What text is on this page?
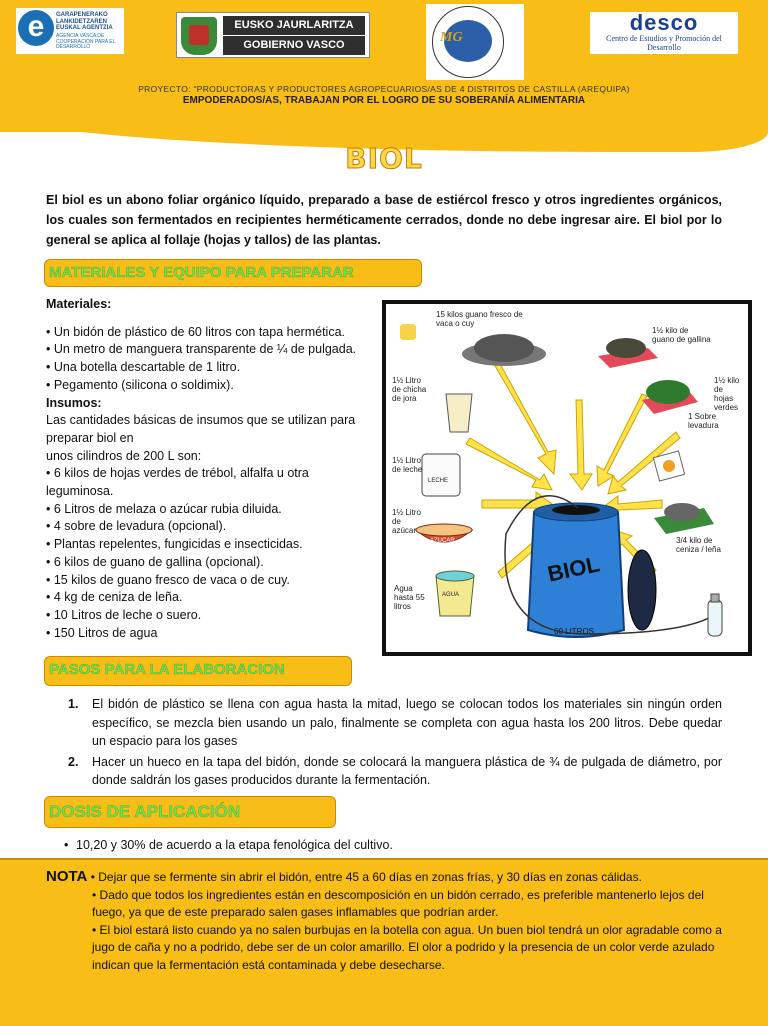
e	GARAPENERAKO LANKIDETZAREN EUSKAL AGENTZIA
AGENCIA VASCA DE COOPERACIÓN PARA EL DESARROLLO
EUSKO JAURLARITZA
GOBIERNO VASCO	MG
desco
Centro de Estudios y Promoción del Desarrollo
PROYECTO: "PRODUCTORAS Y PRODUCTORES AGROPECUARIOS/AS DE 4 DISTRITOS DE CASTILLA (AREQUIPA)
EMPODERADOS/AS, TRABAJAN POR EL LOGRO DE SU SOBERANÍA ALIMENTARIA
BIOL
El biol es un abono foliar orgánico líquido, preparado a base de estiércol fresco y otros ingredientes orgánicos, los cuales son fermentados en recipientes herméticamente cerrados, donde no debe ingresar aire. El biol por lo general se aplica al follaje (hojas y tallos) de las plantas.
MATERIALES Y EQUIPO PARA PREPARAR
Materiales:
• Un bidón de plástico de 60 litros con tapa hermética.
• Un metro de manguera transparente de ¼ de pulgada.
• Una botella descartable de 1 litro.
• Pegamento (silicona o soldimix).
Insumos:
Las cantidades básicas de insumos que se utilizan para preparar biol en
unos cilindros de 200 L son:
• 6 kilos de hojas verdes de trébol, alfalfa u otra leguminosa.
• 6 Litros de melaza o azúcar rubia diluida.
• 4 sobre de levadura (opcional).
• Plantas repelentes, fungicidas e insecticidas.
• 6 kilos de guano de gallina (opcional).
• 15 kilos de guano fresco de vaca o de cuy.
• 4 kg de ceniza de leña.
• 10 Litros de leche o suero.
• 150 Litros de agua
LECHE
AZUCAR
AGUA
BIOL
60 LITROS
15 kilos guano fresco de vaca o cuy
1½ kilo de guano de gallina
1½ kilo de hojas verdes
1½ Litro de chicha de jora
1 Sobre levadura
1½ Litro de leche
1½ Litro de azúcar
3/4 kilo de ceniza / leña
Agua hasta 55 litros
PASOS PARA LA ELABORACION
1. El bidón de plástico se llena con agua hasta la mitad, luego se colocan todos los materiales sin ningún orden específico, se mezcla bien usando un palo, finalmente se completa con agua hasta los 200 litros. Debe quedar un espacio para los gases
2. Hacer un hueco en la tapa del bidón, donde se colocará la manguera plástica de ¾ de pulgada de diámetro, por donde saldrán los gases producidos durante la fermentación.
DOSIS DE APLICACIÓN
• 10,20 y 30% de acuerdo a la etapa fenológica del cultivo.
NOTA • Dejar que se fermente sin abrir el bidón, entre 45 a 60 días en zonas frías, y 30 días en zonas cálidas.
• Dado que todos los ingredientes están en descomposición en un bidón cerrado, es preferible mantenerlo lejos del fuego, ya que de este preparado salen gases inflamables que podrían arder.
• El biol estará listo cuando ya no salen burbujas en la botella con agua. Un buen biol tendrá un olor agradable como a jugo de caña y no a podrido, debe ser de un color amarillo. El olor a podrido y la presencia de un color verde azulado indican que la fermentación está contaminada y debe desecharse.
